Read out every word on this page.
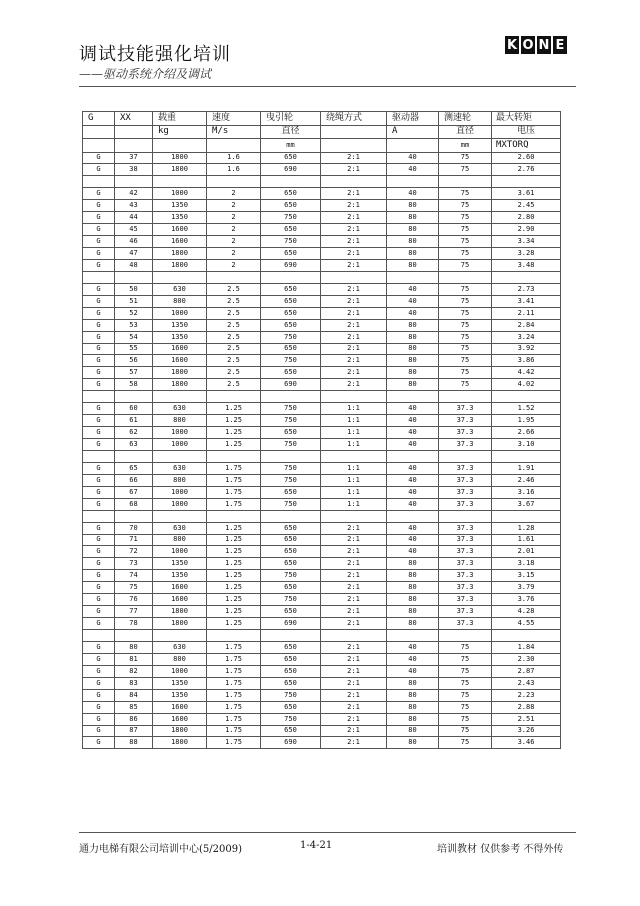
调试技能强化培训
——驱动系统介绍及调试
K O N E
G	XX	载重	速度	曳引轮	绕绳方式	驱动器	测速轮	最大转矩
		kg	M/s	直径		A	直径	电压
				mm			mm	MXTORQ
G	37	1800	1.6	650	2:1	40	75	2.60
G	38	1800	1.6	690	2:1	40	75	2.76

G	42	1000	2	650	2:1	40	75	3.61
G	43	1350	2	650	2:1	80	75	2.45
G	44	1350	2	750	2:1	80	75	2.80
G	45	1600	2	650	2:1	80	75	2.90
G	46	1600	2	750	2:1	80	75	3.34
G	47	1800	2	650	2:1	80	75	3.28
G	48	1800	2	690	2:1	80	75	3.48

G	50	630	2.5	650	2:1	40	75	2.73
G	51	800	2.5	650	2:1	40	75	3.41
G	52	1000	2.5	650	2:1	40	75	2.11
G	53	1350	2.5	650	2:1	80	75	2.84
G	54	1350	2.5	750	2:1	80	75	3.24
G	55	1600	2.5	650	2:1	80	75	3.92
G	56	1600	2.5	750	2:1	80	75	3.86
G	57	1800	2.5	650	2:1	80	75	4.42
G	58	1800	2.5	690	2:1	80	75	4.02

G	60	630	1.25	750	1:1	40	37.3	1.52
G	61	800	1.25	750	1:1	40	37.3	1.95
G	62	1000	1.25	650	1:1	40	37.3	2.66
G	63	1000	1.25	750	1:1	40	37.3	3.10

G	65	630	1.75	750	1:1	40	37.3	1.91
G	66	800	1.75	750	1:1	40	37.3	2.46
G	67	1000	1.75	650	1:1	40	37.3	3.16
G	68	1000	1.75	750	1:1	40	37.3	3.67

G	70	630	1.25	650	2:1	40	37.3	1.28
G	71	800	1.25	650	2:1	40	37.3	1.61
G	72	1000	1.25	650	2:1	40	37.3	2.01
G	73	1350	1.25	650	2:1	80	37.3	3.18
G	74	1350	1.25	750	2:1	80	37.3	3.15
G	75	1600	1.25	650	2:1	80	37.3	3.79
G	76	1600	1.25	750	2:1	80	37.3	3.76
G	77	1800	1.25	650	2:1	80	37.3	4.28
G	78	1800	1.25	690	2:1	80	37.3	4.55

G	80	630	1.75	650	2:1	40	75	1.84
G	81	800	1.75	650	2:1	40	75	2.30
G	82	1000	1.75	650	2:1	40	75	2.87
G	83	1350	1.75	650	2:1	80	75	2.43
G	84	1350	1.75	750	2:1	80	75	2.23
G	85	1600	1.75	650	2:1	80	75	2.88
G	86	1600	1.75	750	2:1	80	75	2.51
G	87	1800	1.75	650	2:1	80	75	3.26
G	88	1800	1.75	690	2:1	80	75	3.46
通力电梯有限公司培训中心(5/2009)	1-4-21	培训教材 仅供参考 不得外传
